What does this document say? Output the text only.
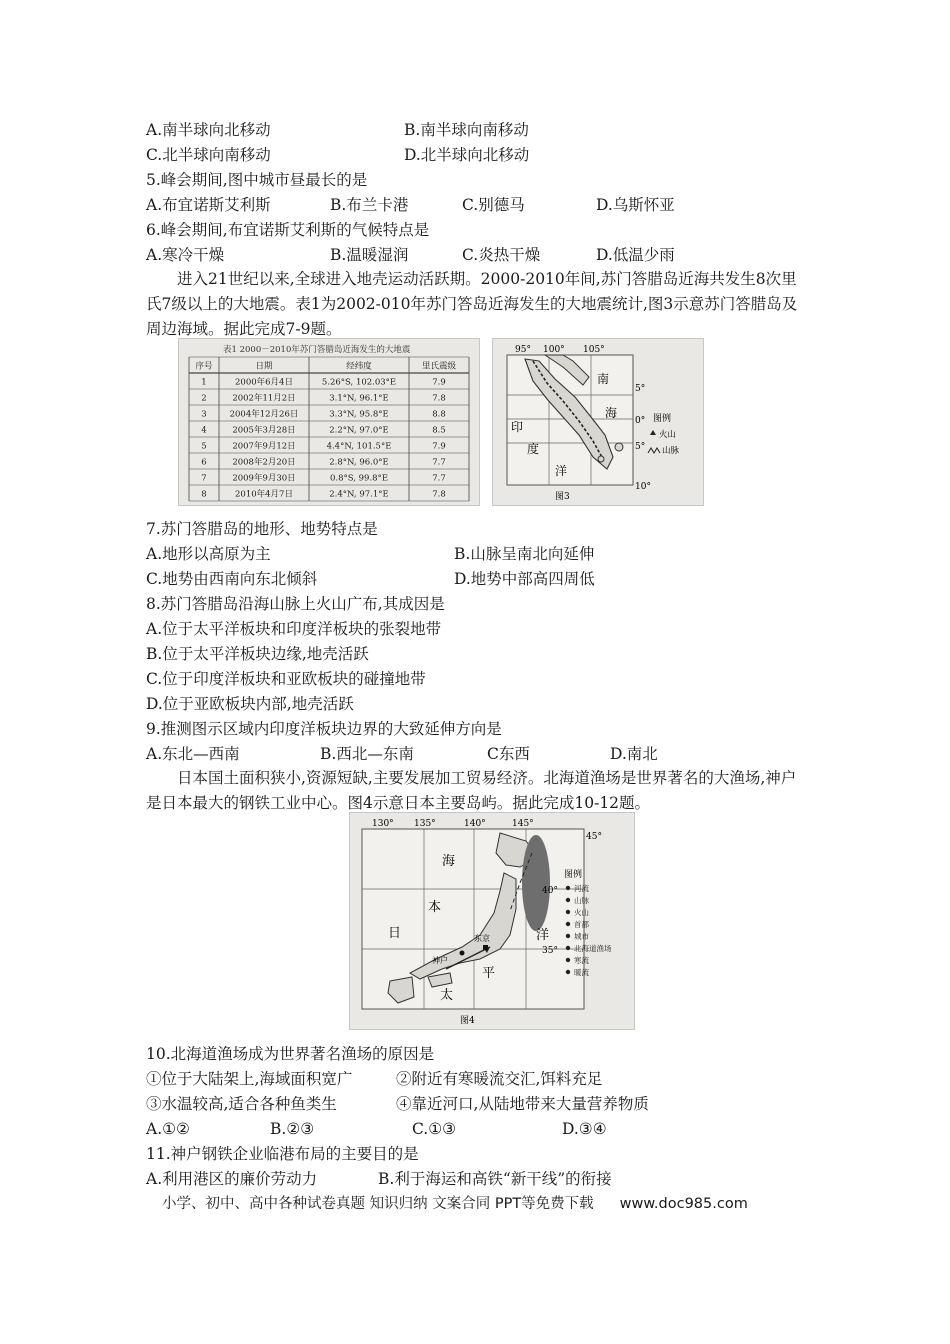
A.南半球向北移动	B.南半球向南移动
C.北半球向南移动	D.北半球向北移动
5.峰会期间,图中城市昼最长的是
A.布宜诺斯艾利斯	B.布兰卡港	C.别德马	D.乌斯怀亚
6.峰会期间,布宜诺斯艾利斯的气候特点是
A.寒冷干燥	B.温暖湿润	C.炎热干燥	D.低温少雨
进入21世纪以来,全球进入地壳运动活跃期。2000-2010年间,苏门答腊岛近海共发生8次里氏7级以上的大地震。表1为2002-010年苏门答岛近海发生的大地震统计,图3示意苏门答腊岛及周边海域。据此完成7-9题。
表1 2000－2010年苏门答腊岛近海发生的大地震
序号	日期	经纬度	里氏震级
1	2000年6月4日	5.26°S, 102.03°E	7.9
2	2002年11月2日	3.1°N, 96.1°E	7.8
3	2004年12月26日	3.3°N, 95.8°E	8.8
4	2005年3月28日	2.2°N, 97.0°E	8.5
5	2007年9月12日	4.4°N, 101.5°E	7.9
6	2008年2月20日	2.8°N, 96.0°E	7.7
7	2009年9月30日	0.8°S, 99.8°E	7.7
8	2010年4月7日	2.4°N, 97.1°E	7.8
95° 100° 105°
5°
0°
5°
10°
南
海
印
度
洋
图例
火山
山脉
图3
7.苏门答腊岛的地形、地势特点是
A.地形以高原为主	B.山脉呈南北向延伸
C.地势由西南向东北倾斜	D.地势中部高四周低
8.苏门答腊岛沿海山脉上火山广布,其成因是
A.位于太平洋板块和印度洋板块的张裂地带
B.位于太平洋板块边缘,地壳活跃
C.位于印度洋板块和亚欧板块的碰撞地带
D.位于亚欧板块内部,地壳活跃
9.推测图示区域内印度洋板块边界的大致延伸方向是
A.东北—西南	B.西北—东南	C东西	D.南北
日本国土面积狭小,资源短缺,主要发展加工贸易经济。北海道渔场是世界著名的大渔场,神户是日本最大的钢铁工业中心。图4示意日本主要岛屿。据此完成10-12题。
130° 135°	140°	145°
45°
40°
35°
海
本
日	洋
平
太
神户
东京
图例
河流
山脉
火山
首都
城市
北海道渔场
寒流
暖流
图4
10.北海道渔场成为世界著名渔场的原因是
①位于大陆架上,海域面积宽广	②附近有寒暖流交汇,饵料充足
③水温较高,适合各种鱼类生	④靠近河口,从陆地带来大量营养物质
A.①②	B.②③	C.①③	D.③④
11.神户钢铁企业临港布局的主要目的是
A.利用港区的廉价劳动力	B.利于海运和高铁“新干线”的衔接
小学、初中、高中各种试卷真题 知识归纳 文案合同 PPT等免费下载 www.doc985.com
